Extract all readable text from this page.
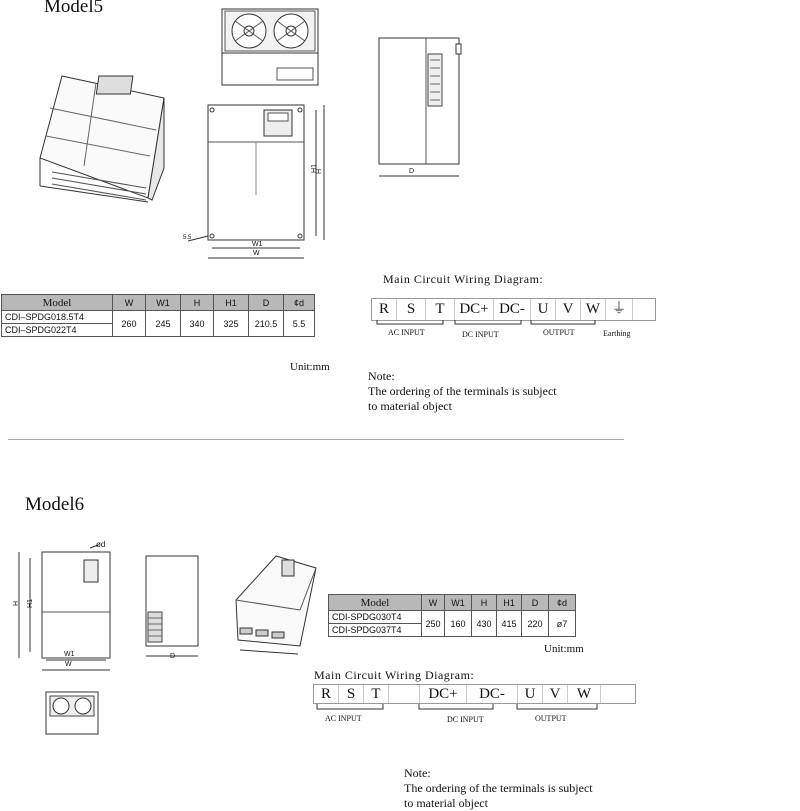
Model5
H1
H
W1
W
5.5
D
Model	W	W1	H	H1	D	¢d
CDI–SPDG018.5T4	260	245	340	325	210.5	5.5
CDI–SPDG022T4						
Unit:mm
Main Circuit Wiring Diagram:
R	S	T DC+ DC- U V W ⏚
AC INPUT	DC INPUT	OUTPUT	Earthing
Note:
The ordering of the terminals is subject
to material object
Model6
ød
H H1
W1
W
D
Model	W	W1	H	H1	D	¢d
CDI-SPDG030T4	250	160	430	415	220	ø7
CDI-SPDG037T4						
Unit:mm
Main Circuit Wiring Diagram:
R	S	T	DC+	DC-	U V	W
AC INPUT	DC INPUT	OUTPUT
Note:
The ordering of the terminals is subject
to material object
